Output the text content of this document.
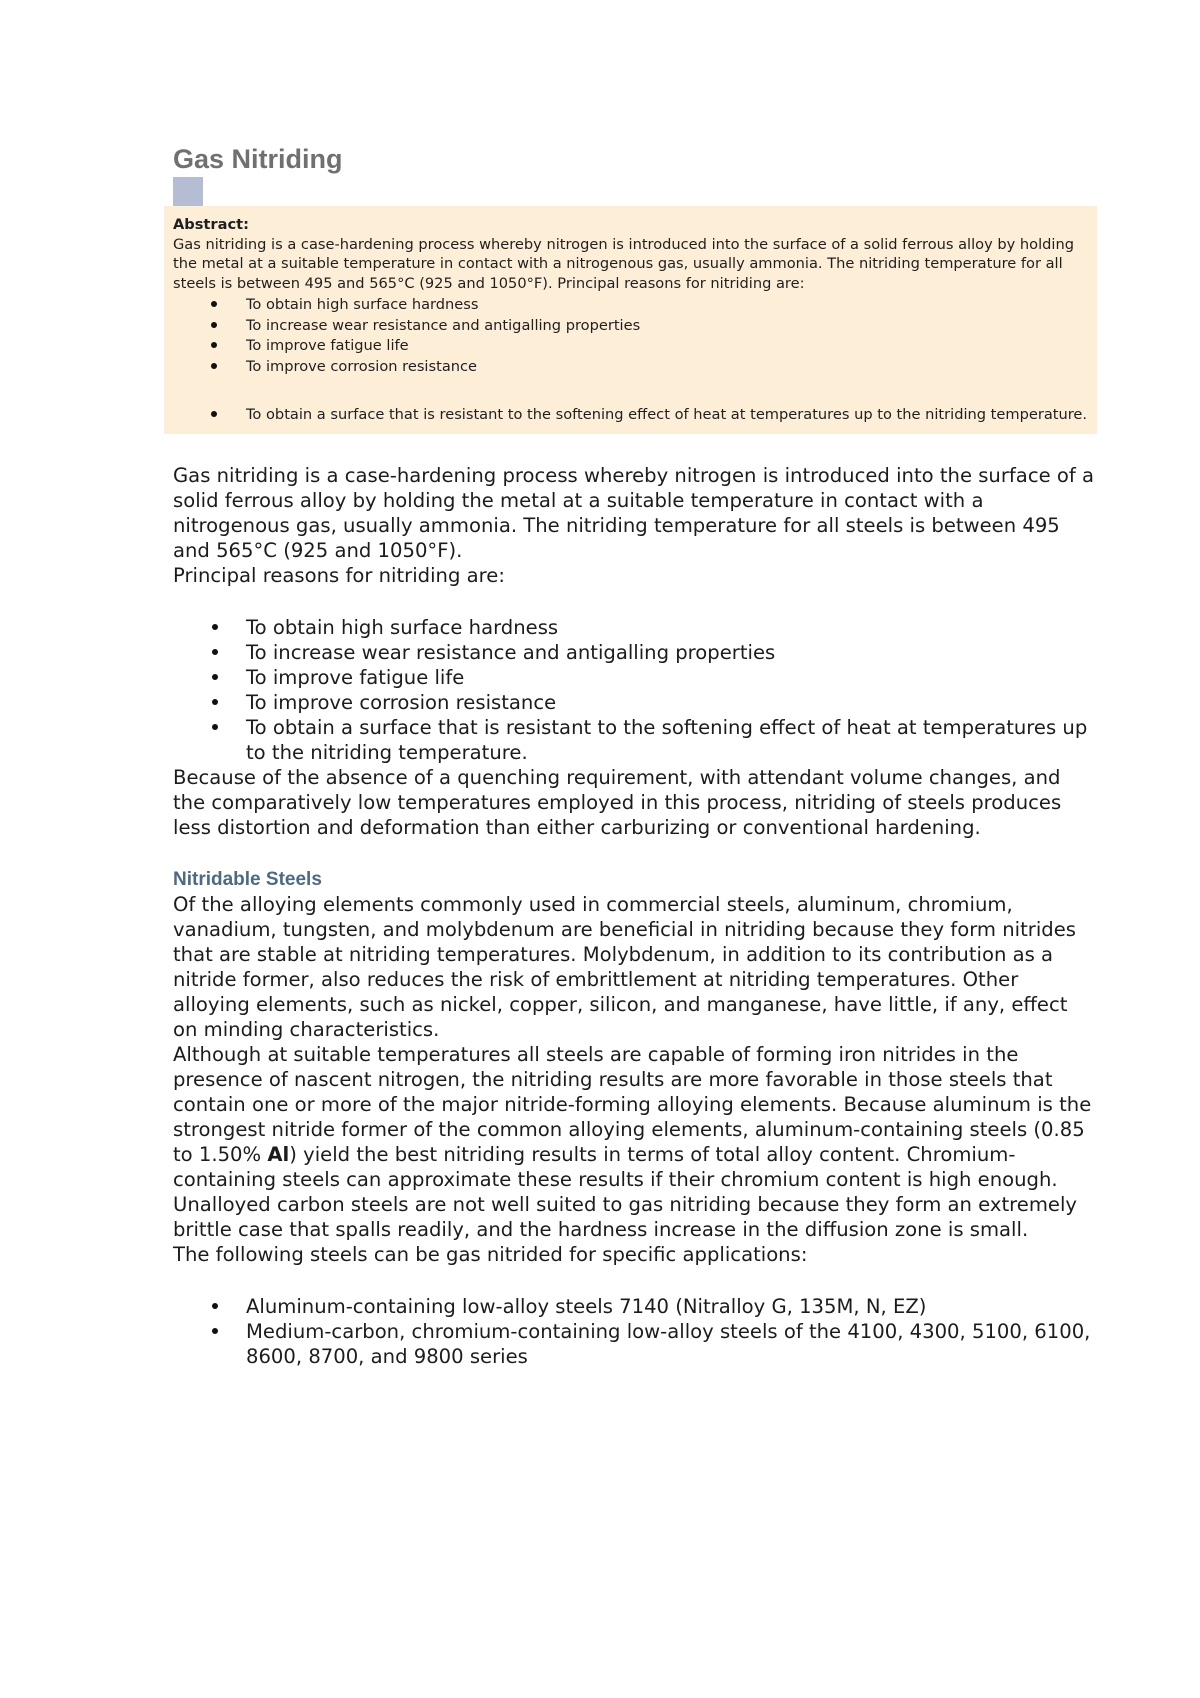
Gas Nitriding

Abstract:

Gas nitriding is a case-hardening process whereby nitrogen is introduced into the surface of a solid ferrous alloy by holding the metal at a suitable temperature in contact with a nitrogenous gas, usually ammonia. The nitriding temperature for all steels is between 495 and 565°C (925 and 1050°F). Principal reasons for nitriding are:

To obtain high surface hardness
To increase wear resistance and antigalling properties
To improve fatigue life
To improve corrosion resistance
To obtain a surface that is resistant to the softening effect of heat at temperatures up to the nitriding temperature.

Gas nitriding is a case-hardening process whereby nitrogen is introduced into the surface of a solid ferrous alloy by holding the metal at a suitable temperature in contact with a nitrogenous gas, usually ammonia. The nitriding temperature for all steels is between 495 and 565°C (925 and 1050°F).

Principal reasons for nitriding are:

To obtain high surface hardness
To increase wear resistance and antigalling properties
To improve fatigue life
To improve corrosion resistance
To obtain a surface that is resistant to the softening effect of heat at temperatures up to the nitriding temperature.

Because of the absence of a quenching requirement, with attendant volume changes, and the comparatively low temperatures employed in this process, nitriding of steels produces less distortion and deformation than either carburizing or conventional hardening.

Nitridable Steels

Of the alloying elements commonly used in commercial steels, aluminum, chromium, vanadium, tungsten, and molybdenum are beneficial in nitriding because they form nitrides that are stable at nitriding temperatures. Molybdenum, in addition to its contribution as a nitride former, also reduces the risk of embrittlement at nitriding temperatures. Other alloying elements, such as nickel, copper, silicon, and manganese, have little, if any, effect on minding characteristics.

Although at suitable temperatures all steels are capable of forming iron nitrides in the presence of nascent nitrogen, the nitriding results are more favorable in those steels that contain one or more of the major nitride-forming alloying elements. Because aluminum is the strongest nitride former of the common alloying elements, aluminum-containing steels (0.85 to 1.50% Al) yield the best nitriding results in terms of total alloy content. Chromium-containing steels can approximate these results if their chromium content is high enough. Unalloyed carbon steels are not well suited to gas nitriding because they form an extremely brittle case that spalls readily, and the hardness increase in the diffusion zone is small.

The following steels can be gas nitrided for specific applications:

Aluminum-containing low-alloy steels 7140 (Nitralloy G, 135M, N, EZ)
Medium-carbon, chromium-containing low-alloy steels of the 4100, 4300, 5100, 6100, 8600, 8700, and 9800 series
